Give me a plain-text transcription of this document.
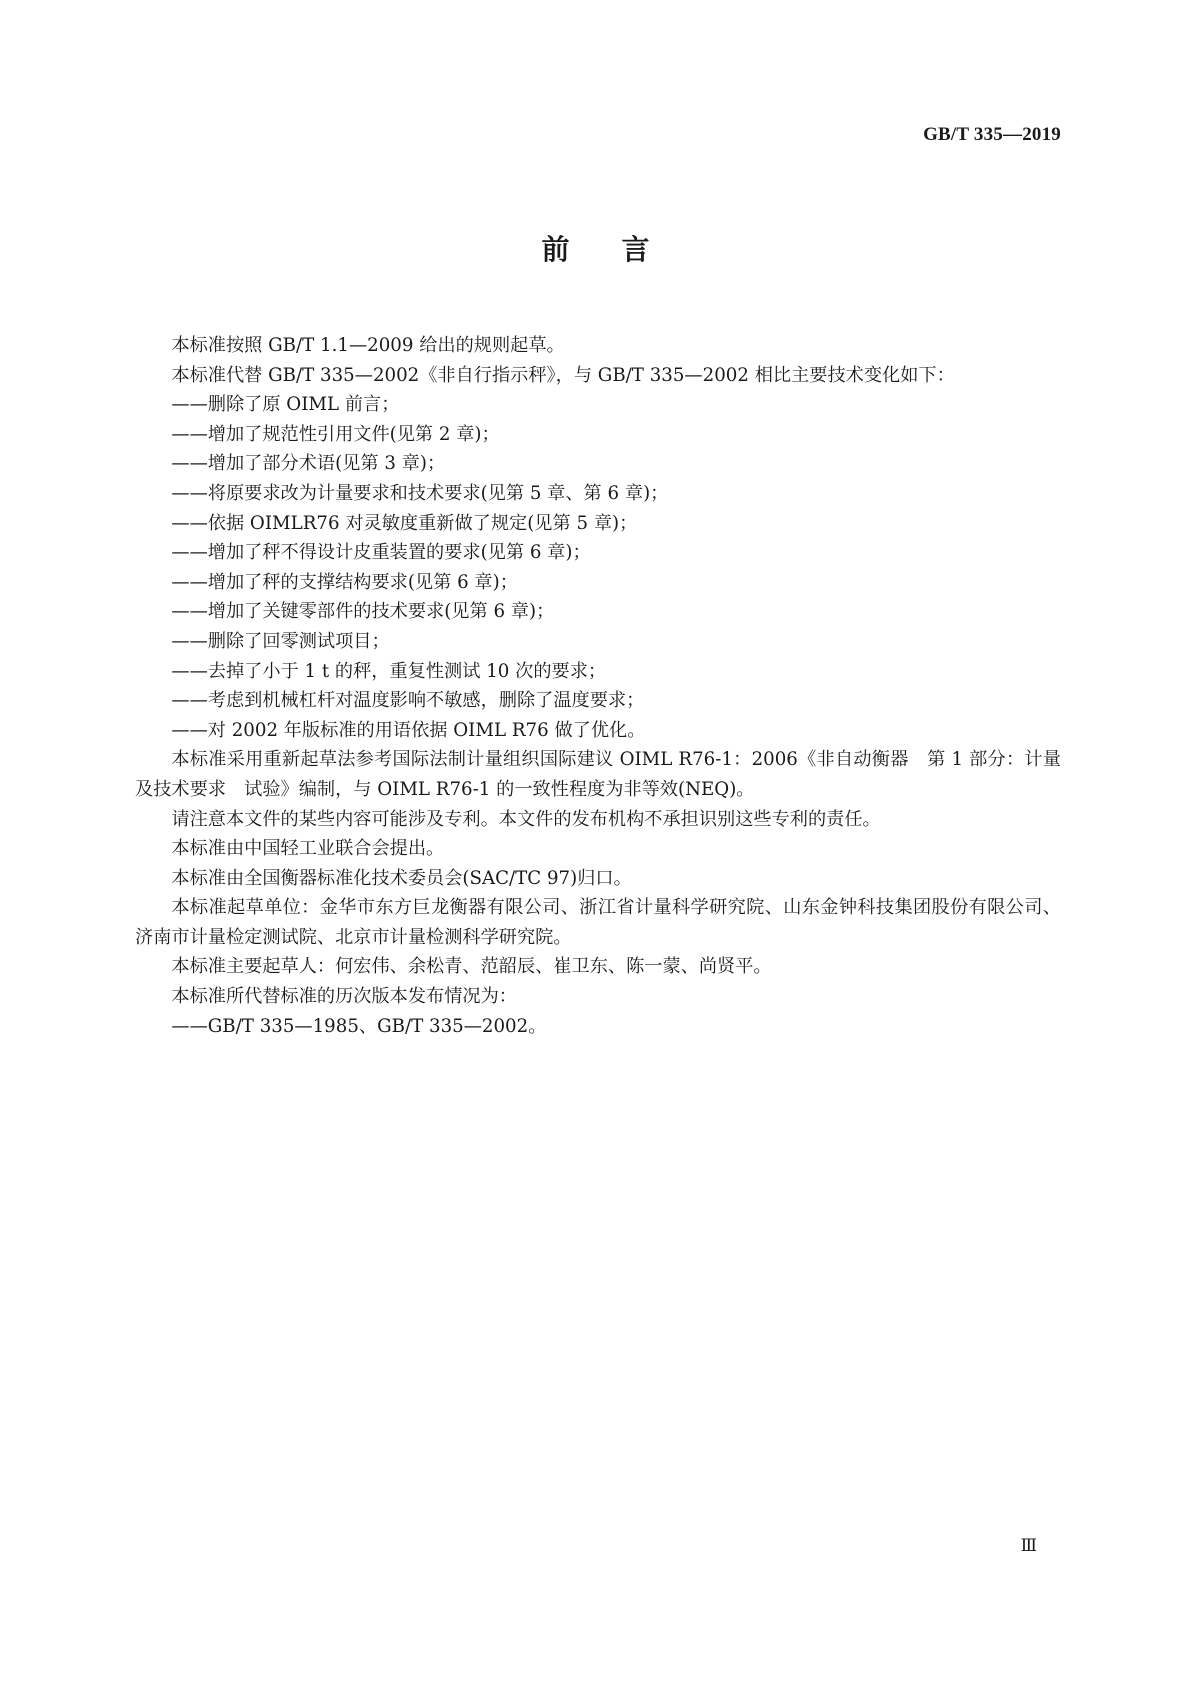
GB/T 335—2019
前言

本标准按照 GB/T 1.1—2009 给出的规则起草。

本标准代替 GB/T 335—2002《非自行指示秤》，与 GB/T 335—2002 相比主要技术变化如下：

——删除了原 OIML 前言；

——增加了规范性引用文件(见第 2 章)；

——增加了部分术语(见第 3 章)；

——将原要求改为计量要求和技术要求(见第 5 章、第 6 章)；

——依据 OIMLR76 对灵敏度重新做了规定(见第 5 章)；

——增加了秤不得设计皮重装置的要求(见第 6 章)；

——增加了秤的支撑结构要求(见第 6 章)；

——增加了关键零部件的技术要求(见第 6 章)；

——删除了回零测试项目；

——去掉了小于 1 t 的秤，重复性测试 10 次的要求；

——考虑到机械杠杆对温度影响不敏感，删除了温度要求；

——对 2002 年版标准的用语依据 OIML R76 做了优化。

本标准采用重新起草法参考国际法制计量组织国际建议 OIML R76-1：2006《非自动衡器　第 1 部分：计量及技术要求　试验》编制，与 OIML R76-1 的一致性程度为非等效(NEQ)。

请注意本文件的某些内容可能涉及专利。本文件的发布机构不承担识别这些专利的责任。

本标准由中国轻工业联合会提出。

本标准由全国衡器标准化技术委员会(SAC/TC 97)归口。

本标准起草单位：金华市东方巨龙衡器有限公司、浙江省计量科学研究院、山东金钟科技集团股份有限公司、济南市计量检定测试院、北京市计量检测科学研究院。

本标准主要起草人：何宏伟、余松青、范韶辰、崔卫东、陈一蒙、尚贤平。

本标准所代替标准的历次版本发布情况为：

——GB/T 335—1985、GB/T 335—2002。

Ⅲ
